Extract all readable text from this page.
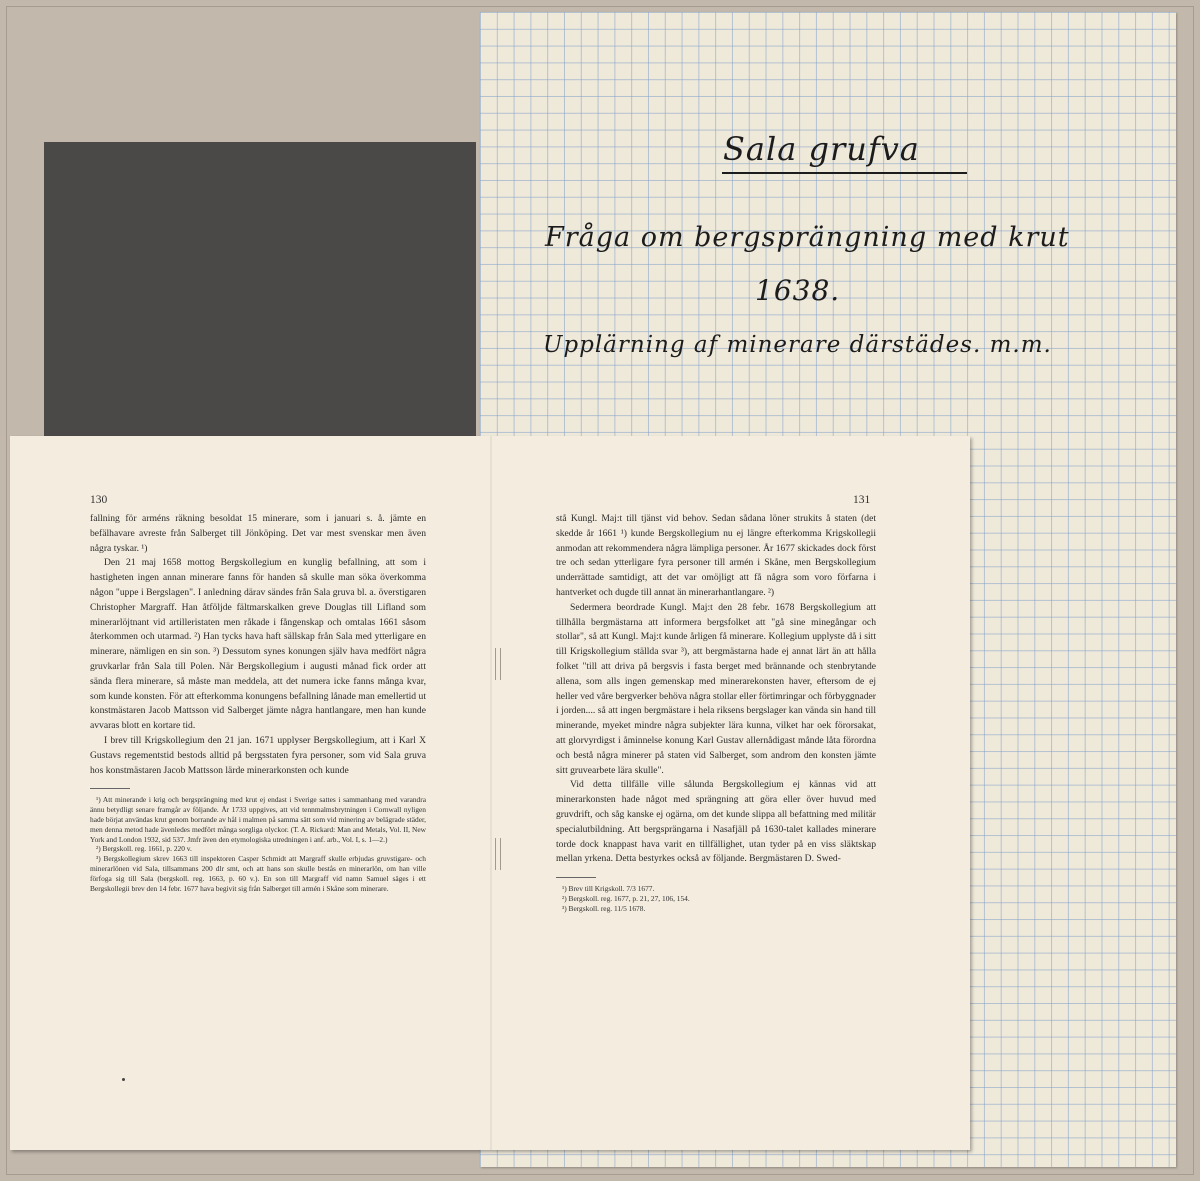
Sala grufva
Fråga om bergsprängning med krut
1638.
Upplärning af minerare därstädes. m.m.
130	131

fallning för arméns räkning besoldat 15 minerare, som i januari s. å. jämte en befälhavare avreste från Salberget till Jönköping. Det var mest svenskar men även några tyskar. ¹)

Den 21 maj 1658 mottog Bergskollegium en kunglig befallning, att som i hastigheten ingen annan minerare fanns för handen så skulle man söka överkomma någon "uppe i Bergslagen". I anledning därav sändes från Sala gruva bl. a. överstigaren Christopher Margraff. Han åtföljde fältmarskalken greve Douglas till Lifland som minerarlöjtnant vid artilleristaten men råkade i fångenskap och omtalas 1661 såsom återkommen och utarmad. ²) Han tycks hava haft sällskap från Sala med ytterligare en minerare, nämligen en sin son. ³) Dessutom synes konungen själv hava medfört några gruvkarlar från Sala till Polen. När Bergskollegium i augusti månad fick order att sända flera minerare, så måste man meddela, att det numera icke fanns många kvar, som kunde konsten. För att efterkomma konungens befallning lånade man emellertid ut konstmästaren Jacob Mattsson vid Salberget jämte några hantlangare, men han kunde avvaras blott en kortare tid.

I brev till Krigskollegium den 21 jan. 1671 upplyser Bergskollegium, att i Karl X Gustavs regementstid bestods alltid på bergsstaten fyra personer, som vid Sala gruva hos konstmästaren Jacob Mattsson lärde minerarkonsten och kunde

¹) Att minerande i krig och bergsprängning med krut ej endast i Sverige sattes i sammanhang med varandra ännu betydligt senare framgår av följande. År 1733 uppgives, att vid tennmalmsbrytningen i Cornwall nyligen hade börjat användas krut genom borrande av hål i malmen på samma sätt som vid minering av belägrade städer, men denna metod hade ävenledes medfört många sorgliga olyckor. (T. A. Rickard: Man and Metals, Vol. II, New York and London 1932, sid 537. Jmfr även den etymologiska utredningen i anf. arb., Vol. I, s. 1—2.)

²) Bergskoll. reg. 1661, p. 220 v.

³) Bergskollegium skrev 1663 till inspektoren Casper Schmidt att Margraff skulle erbjudas gruvstigare- och minerarlönen vid Sala, tillsammans 200 dlr smt, och att hans son skulle bestås en minerarlön, om han ville förfoga sig till Sala (bergskoll. reg. 1663, p. 60 v.). En son till Margraff vid namn Samuel säges i ett Bergskollegii brev den 14 febr. 1677 hava begivit sig från Salberget till armén i Skåne som minerare.

stå Kungl. Maj:t till tjänst vid behov. Sedan sådana löner strukits å staten (det skedde år 1661 ¹) kunde Bergskollegium nu ej längre efterkomma Krigskollegii anmodan att rekommendera några lämpliga personer. År 1677 skickades dock först tre och sedan ytterligare fyra personer till armén i Skåne, men Bergskollegium underrättade samtidigt, att det var omöjligt att få några som voro förfarna i hantverket och dugde till annat än minerarhantlangare. ²)

Sedermera beordrade Kungl. Maj:t den 28 febr. 1678 Bergskollegium att tillhålla bergmästarna att informera bergsfolket att "gå sine minegångar och stollar", så att Kungl. Maj:t kunde årligen få minerare. Kollegium upplyste då i sitt till Krigskollegium ställda svar ³), att bergmästarna hade ej annat lärt än att hålla folket "till att driva på bergsvis i fasta berget med brännande och stenbrytande allena, som alls ingen gemenskap med minerarekonsten haver, eftersom de ej heller ved våre bergverker behöva några stollar eller förtimringar och förbyggnader i jorden.... så att ingen bergmästare i hela riksens bergslager kan vända sin hand till minerande, myeket mindre några subjekter lära kunna, vilket har oek förorsakat, att glorvyrdigst i åminnelse konung Karl Gustav allernådigast månde låta förordna och bestå några minerer på staten vid Salberget, som androm den konsten jämte sitt gruvearbete lära skulle".

Vid detta tillfälle ville sålunda Bergskollegium ej kännas vid att minerarkonsten hade något med sprängning att göra eller över huvud med gruvdrift, och såg kanske ej ogärna, om det kunde slippa all befattning med militär specialutbildning. Att bergsprängarna i Nasafjäll på 1630-talet kallades minerare torde dock knappast hava varit en tillfällighet, utan tyder på en viss släktskap mellan yrkena. Detta bestyrkes också av följande. Bergmästaren D. Swed-

¹) Brev till Krigskoll. 7/3 1677.

²) Bergskoll. reg. 1677, p. 21, 27, 106, 154.

³) Bergskoll. reg. 11/5 1678.
